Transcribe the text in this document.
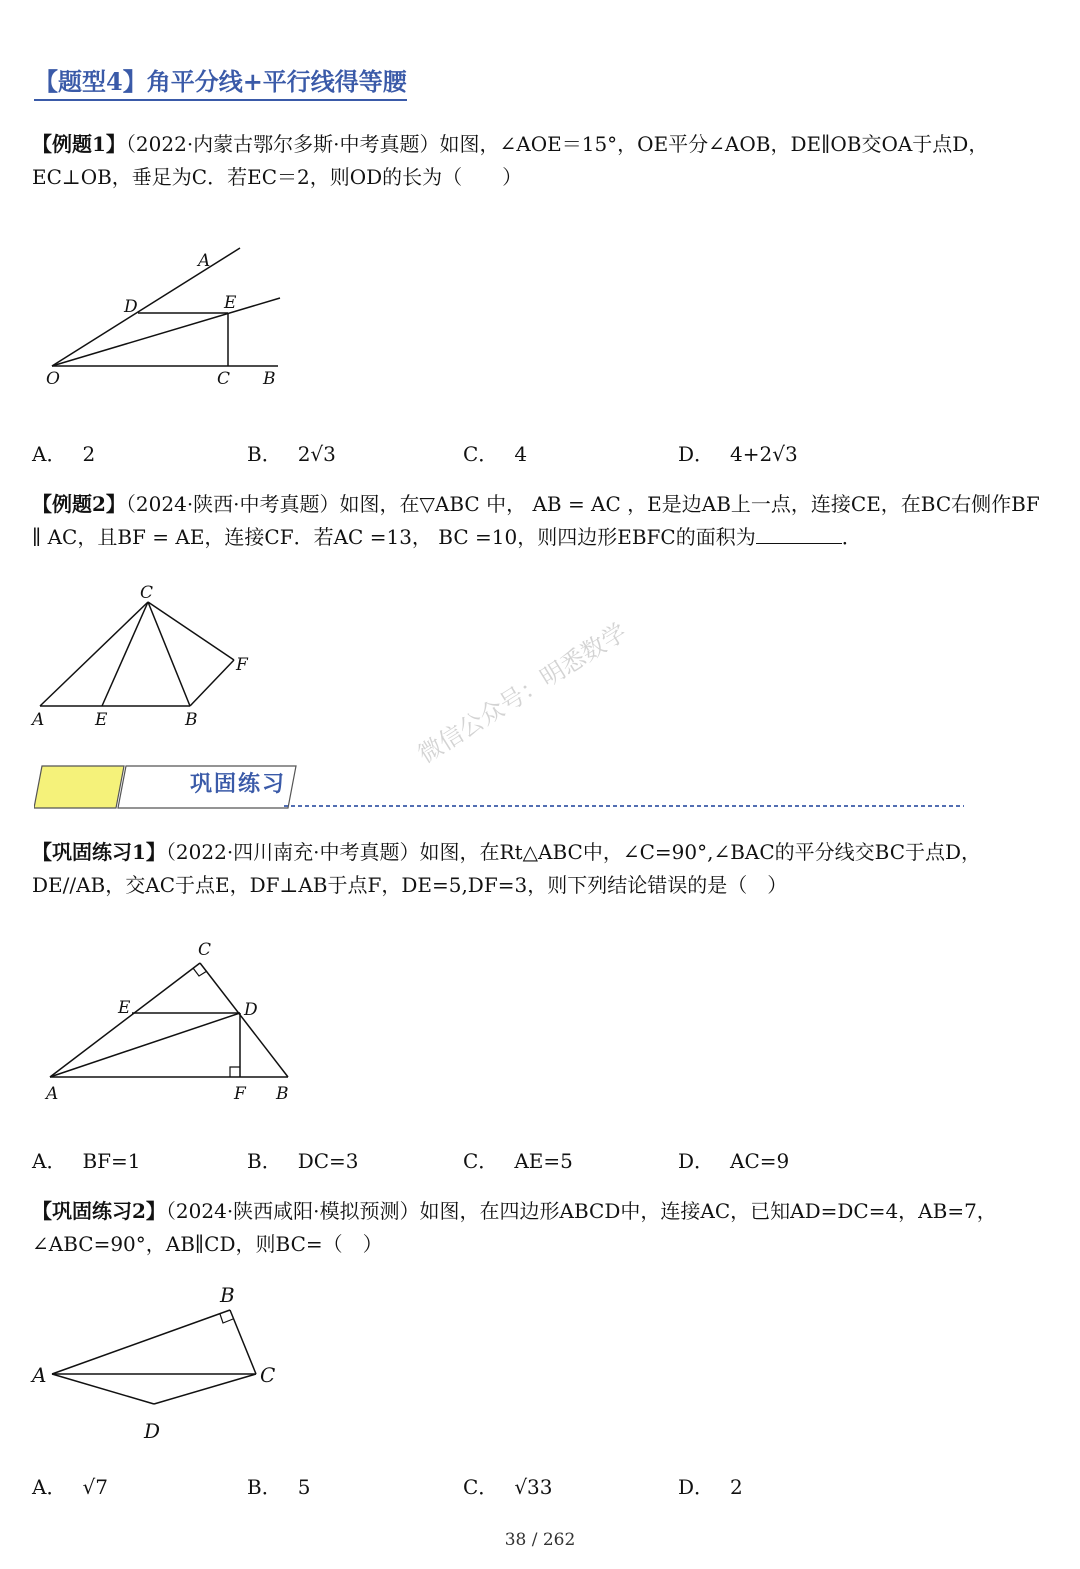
【题型4】角平分线+平行线得等腰
【例题1】（2022·内蒙古鄂尔多斯·中考真题）如图，∠AOE＝15°，OE平分∠AOB，DE∥OB交OA于点D，EC⊥OB，垂足为C．若EC＝2，则OD的长为（　　）
A
D	E
O	C B
A． 2	B． 2√3	C． 4	D． 4+2√3
【例题2】（2024·陕西·中考真题）如图，在▽ABC 中， AB = AC ，E是边AB上一点，连接CE，在BC右侧作BF ∥ AC，且BF = AE，连接CF．若AC =13， BC =10，则四边形EBFC的面积为	．
C
F
A	E	B
巩固练习
微信公众号：明悉数学
【巩固练习1】（2022·四川南充·中考真题）如图，在Rt△ABC中，∠C=90°,∠BAC的平分线交BC于点D，DE//AB，交AC于点E，DF⊥AB于点F，DE=5,DF=3，则下列结论错误的是（　）
C
E	D
A	F B
A． BF=1	B． DC=3	C． AE=5	D． AC=9
【巩固练习2】（2024·陕西咸阳·模拟预测）如图，在四边形ABCD中，连接AC，已知AD=DC=4，AB=7，∠ABC=90°，AB∥CD，则BC=（　）
B
A	C
D
A． √7	B． 5	C． √33	D． 2
38 / 262
